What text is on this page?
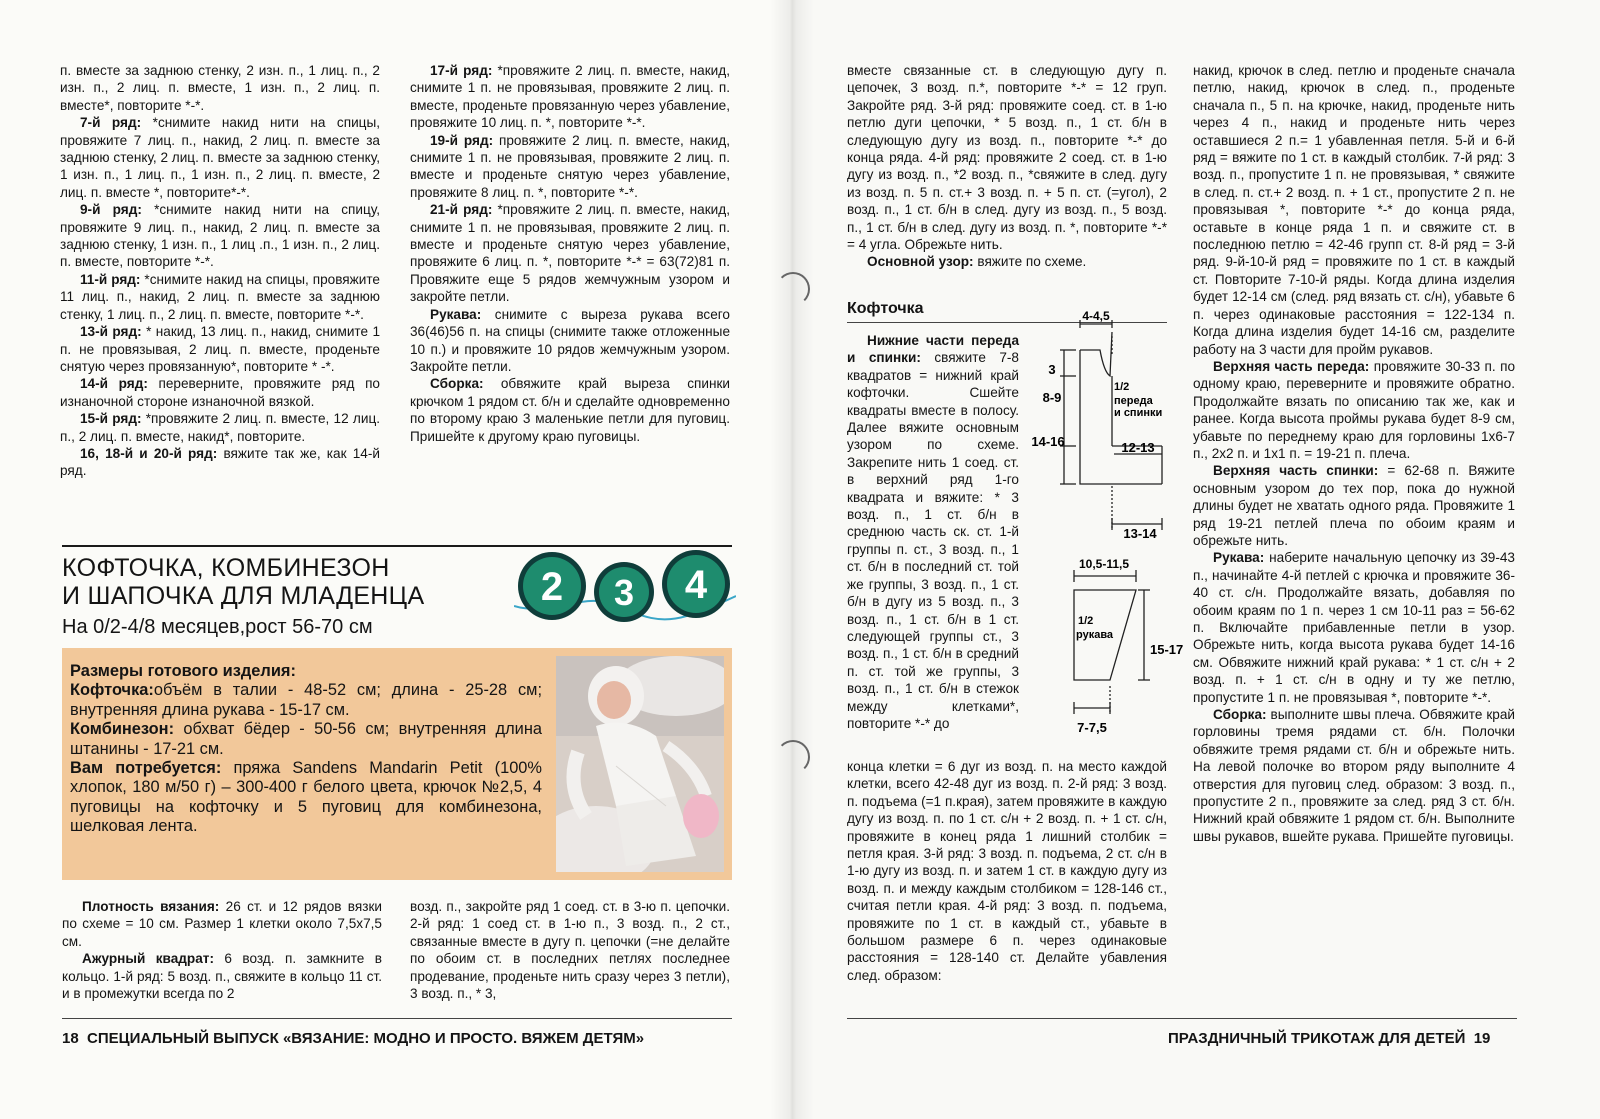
п. вместе за заднюю стенку, 2 изн. п., 1 лиц. п., 2 изн. п., 2 лиц. п. вместе, 1 изн. п., 2 лиц. п. вместе*, повторите *-*.

7-й ряд: *снимите накид нити на спицы, провяжите 7 лиц. п., накид, 2 лиц. п. вместе за заднюю стенку, 2 лиц. п. вместе за заднюю стенку, 1 изн. п., 1 лиц. п., 1 изн. п., 2 лиц. п. вместе, 2 лиц. п. вместе *, повторите*-*.

9-й ряд: *снимите накид нити на спицу, провяжите 9 лиц. п., накид, 2 лиц. п. вместе за заднюю стенку, 1 изн. п., 1 лиц .п., 1 изн. п., 2 лиц. п. вместе, повторите *-*.

11-й ряд: *снимите накид на спицы, провяжите 11 лиц. п., накид, 2 лиц. п. вместе за заднюю стенку, 1 лиц. п., 2 лиц. п. вместе, повторите *-*.

13-й ряд: * накид, 13 лиц. п., накид, снимите 1 п. не провязывая, 2 лиц. п. вместе, проденьте снятую через провязанную*, повторите * -*.

14-й ряд: переверните, провяжите ряд по изнаночной стороне изнаночной вязкой.

15-й ряд: *провяжите 2 лиц. п. вместе, 12 лиц. п., 2 лиц. п. вместе, накид*, повторите.

16, 18-й и 20-й ряд: вяжите так же, как 14-й ряд.

17-й ряд: *провяжите 2 лиц. п. вместе, накид, снимите 1 п. не провязывая, провяжите 2 лиц. п. вместе, проденьте провязанную через убавление, провяжите 10 лиц. п. *, повторите *-*.

19-й ряд: провяжите 2 лиц. п. вместе, накид, снимите 1 п. не провязывая, провяжите 2 лиц. п. вместе и проденьте снятую через убавление, провяжите 8 лиц. п. *, повторите *-*.

21-й ряд: *провяжите 2 лиц. п. вместе, накид, снимите 1 п. не провязывая, провяжите 2 лиц. п. вместе и проденьте снятую через убавление, провяжите 6 лиц. п. *, повторите *-* = 63(72)81 п. Провяжите еще 5 рядов жемчужным узором и закройте петли.

Рукава: снимите с выреза рукава всего 36(46)56 п. на спицы (снимите также отложенные 10 п.) и провяжите 10 рядов жемчужным узором. Закройте петли.

Сборка: обвяжите край выреза спинки крючком 1 рядом ст. б/н и сделайте одновременно по второму краю 3 маленькие петли для пуговиц. Пришейте к другому краю пуговицы.

КОФТОЧКА, КОМБИНЕЗОН
И ШАПОЧКА ДЛЯ МЛАДЕНЦА
На 0/2-4/8 месяцев,рост 56-70 см
2 3 4
Размеры готового изделия:
Кофточка:объём в талии - 48-52 см; длина - 25-28 см; внутренняя длина рукава - 15-17 см.
Комбинезон: обхват бёдер - 50-56 см; внутренняя длина штанины - 17-21 см.
Вам потребуется: пряжа Sandens Mandarin Petit (100% хлопок, 180 м/50 г) – 300-400 г белого цвета, крючок №2,5, 4 пуговицы на кофточку и 5 пуговиц для комбинезона, шелковая лента.

Плотность вязания: 26 ст. и 12 рядов вязки по схеме = 10 см. Размер 1 клетки около 7,5х7,5 см.

Ажурный квадрат: 6 возд. п. замкните в кольцо. 1-й ряд: 5 возд. п., свяжите в кольцо 11 ст. и в промежутки всегда по 2

возд. п., закройте ряд 1 соед. ст. в 3-ю п. цепочки. 2-й ряд: 1 соед ст. в 1-ю п., 3 возд. п., 2 ст., связанные вместе в дугу п. цепочки (=не делайте по обоим ст. в последних петлях последнее продевание, проденьте нить сразу через 3 петли), 3 возд. п., * 3,

вместе связанные ст. в следующую дугу п. цепочек, 3 возд. п.*, повторите *-* = 12 груп. Закройте ряд. 3-й ряд: провяжите соед. ст. в 1-ю петлю дуги цепочки, * 5 возд. п., 1 ст. б/н в следующую дугу из возд. п., повторите *-* до конца ряда. 4-й ряд: провяжите 2 соед. ст. в 1-ю дугу из возд. п., *2 возд. п., *свяжите в след. дугу из возд. п. 5 п. ст.+ 3 возд. п. + 5 п. ст. (=угол), 2 возд. п., 1 ст. б/н в след. дугу из возд. п., 5 возд. п., 1 ст. б/н в след. дугу из возд. п. *, повторите *-* = 4 угла. Обрежьте нить.

Основной узор: вяжите по схеме.

Кофточка

Нижние части переда и спинки: свяжите 7-8 квадратов = нижний край кофточки. Сшейте квадраты вместе в полосу. Далее вяжите основным узором по схеме. Закрепите нить 1 соед. ст. в верхний ряд 1-го квадрата и вяжите: * 3 возд. п., 1 ст. б/н в среднюю часть ск. ст. 1-й группы п. ст., 3 возд. п., 1 ст. б/н в последний ст. той же группы, 3 возд. п., 1 ст. б/н в дугу из 5 возд. п., 3 возд. п., 1 ст. б/н в 1 ст. следующей группы ст., 3 возд. п., 1 ст. б/н в средний п. ст. той же группы, 3 возд. п., 1 ст. б/н в стежок между клетками*, повторите *-* до

конца клетки = 6 дуг из возд. п. на место каждой клетки, всего 42-48 дуг из возд. п. 2-й ряд: 3 возд. п. подъема (=1 п.края), затем провяжите в каждую дугу из возд. п. по 1 ст. с/н + 2 возд. п. + 1 ст. с/н, провяжите в конец ряда 1 лишний столбик = петля края. 3-й ряд: 3 возд. п. подъема, 2 ст. с/н в 1-ю дугу из возд. п. и затем 1 ст. в каждую дугу из возд. п. и между каждым столбиком = 128-146 ст., считая петли края. 4-й ряд: 3 возд. п. подъема, провяжите по 1 ст. в каждый ст., убавьте в большом размере 6 п. через одинаковые расстояния = 128-140 ст. Делайте убавления след. образом:

накид, крючок в след. петлю и проденьте сначала петлю, накид, крючок в след. п., проденьте сначала п., 5 п. на крючке, накид, проденьте нить через 4 п., накид и проденьте нить через оставшиеся 2 п.= 1 убавленная петля. 5-й и 6-й ряд = вяжите по 1 ст. в каждый столбик. 7-й ряд: 3 возд. п., пропустите 1 п. не провязывая, * свяжите в след. п. ст.+ 2 возд. п. + 1 ст., пропустите 2 п. не провязывая *, повторите *-* до конца ряда, оставьте в конце ряда 1 п. и свяжите ст. в последнюю петлю = 42-46 групп ст. 8-й ряд = 3-й ряд. 9-й-10-й ряд = провяжите по 1 ст. в каждый ст. Повторите 7-10-й ряды. Когда длина изделия будет 12-14 см (след. ряд вязать ст. с/н), убавьте 6 п. через одинаковые расстояния = 122-134 п. Когда длина изделия будет 14-16 см, разделите работу на 3 части для пройм рукавов.

Верхняя часть переда: провяжите 30-33 п. по одному краю, переверните и провяжите обратно. Продолжайте вязать по описанию так же, как и ранее. Когда высота проймы рукава будет 8-9 см, убавьте по переднему краю для горловины 1х6-7 п., 2х2 п. и 1х1 п. = 19-21 п. плеча.

Верхняя часть спинки: = 62-68 п. Вяжите основным узором до тех пор, пока до нужной длины будет не хватать одного ряда. Провяжите 1 ряд 19-21 петлей плеча по обоим краям и обрежьте нить.

Рукава: наберите начальную цепочку из 39-43 п., начинайте 4-й петлей с крючка и провяжите 36-40 ст. с/н. Продолжайте вязать, добавляя по обоим краям по 1 п. через 1 см 10-11 раз = 56-62 п. Включайте прибавленные петли в узор. Обрежьте нить, когда высота рукава будет 14-16 см. Обвяжите нижний край рукава: * 1 ст. с/н + 2 возд. п. + 1 ст. с/н в одну и ту же петлю, пропустите 1 п. не провязывая *, повторите *-*.

Сборка: выполните швы плеча. Обвяжите край горловины тремя рядами ст. б/н. Полочки обвяжите тремя рядами ст. б/н и обрежьте нить. На левой полочке во втором ряду выполните 4 отверстия для пуговиц след. образом: 3 возд. п., пропустите 2 п., провяжите за след. ряд 3 ст. б/н. Нижний край обвяжите 1 рядом ст. б/н. Выполните швы рукавов, вшейте рукава. Пришейте пуговицы.

4-4,5
3
8-9
14-16
1/2
переда
и спинки
12-13
13-14
10,5-11,5
1/2
рукава
15-17
7-7,5
18 СПЕЦИАЛЬНЫЙ ВЫПУСК «ВЯЗАНИЕ: МОДНО И ПРОСТО. ВЯЖЕМ ДЕТЯМ»	ПРАЗДНИЧНЫЙ ТРИКОТАЖ ДЛЯ ДЕТЕЙ 19
